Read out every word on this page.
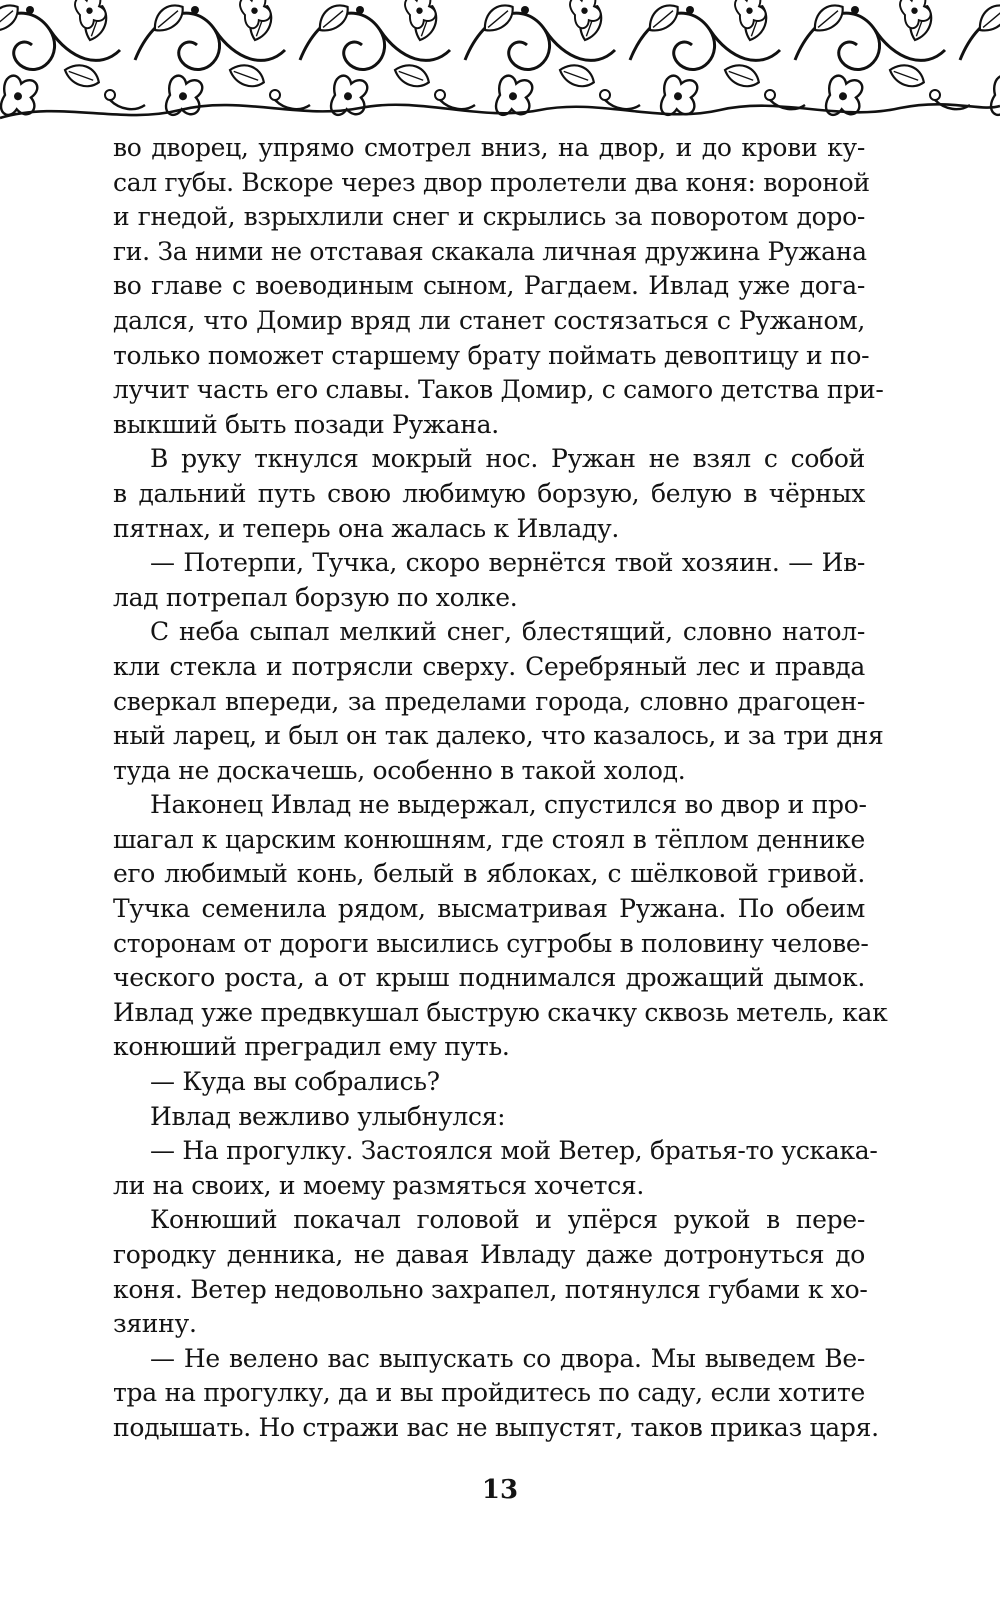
во дворец, упрямо смотрел вниз, на двор, и до крови ку-
сал губы. Вскоре через двор пролетели два коня: вороной
и гнедой, взрыхлили снег и скрылись за поворотом доро-
ги. За ними не отставая скакала личная дружина Ружана
во главе с воеводиным сыном, Рагдаем. Ивлад уже дога-
дался, что Домир вряд ли станет состязаться с Ружаном,
только поможет старшему брату поймать девоптицу и по-
лучит часть его славы. Таков Домир, с самого детства при-
выкший быть позади Ружана.
В руку ткнулся мокрый нос. Ружан не взял с собой
в дальний путь свою любимую борзую, белую в чёрных
пятнах, и теперь она жалась к Ивладу.
— Потерпи, Тучка, скоро вернётся твой хозяин. — Ив-
лад потрепал борзую по холке.
С неба сыпал мелкий снег, блестящий, словно натол-
кли стекла и потрясли сверху. Серебряный лес и правда
сверкал впереди, за пределами города, словно драгоцен-
ный ларец, и был он так далеко, что казалось, и за три дня
туда не доскачешь, особенно в такой холод.
Наконец Ивлад не выдержал, спустился во двор и про-
шагал к царским конюшням, где стоял в тёплом деннике
его любимый конь, белый в яблоках, с шёлковой гривой.
Тучка семенила рядом, высматривая Ружана. По обеим
сторонам от дороги высились сугробы в половину челове-
ческого роста, а от крыш поднимался дрожащий дымок.
Ивлад уже предвкушал быструю скачку сквозь метель, как
конюший преградил ему путь.
— Куда вы собрались?
Ивлад вежливо улыбнулся:
— На прогулку. Застоялся мой Ветер, братья-то ускака-
ли на своих, и моему размяться хочется.
Конюший покачал головой и упёрся рукой в пере-
городку денника, не давая Ивладу даже дотронуться до
коня. Ветер недовольно захрапел, потянулся губами к хо-
зяину.
— Не велено вас выпускать со двора. Мы выведем Ве-
тра на прогулку, да и вы пройдитесь по саду, если хотите
подышать. Но стражи вас не выпустят, таков приказ царя.
13
